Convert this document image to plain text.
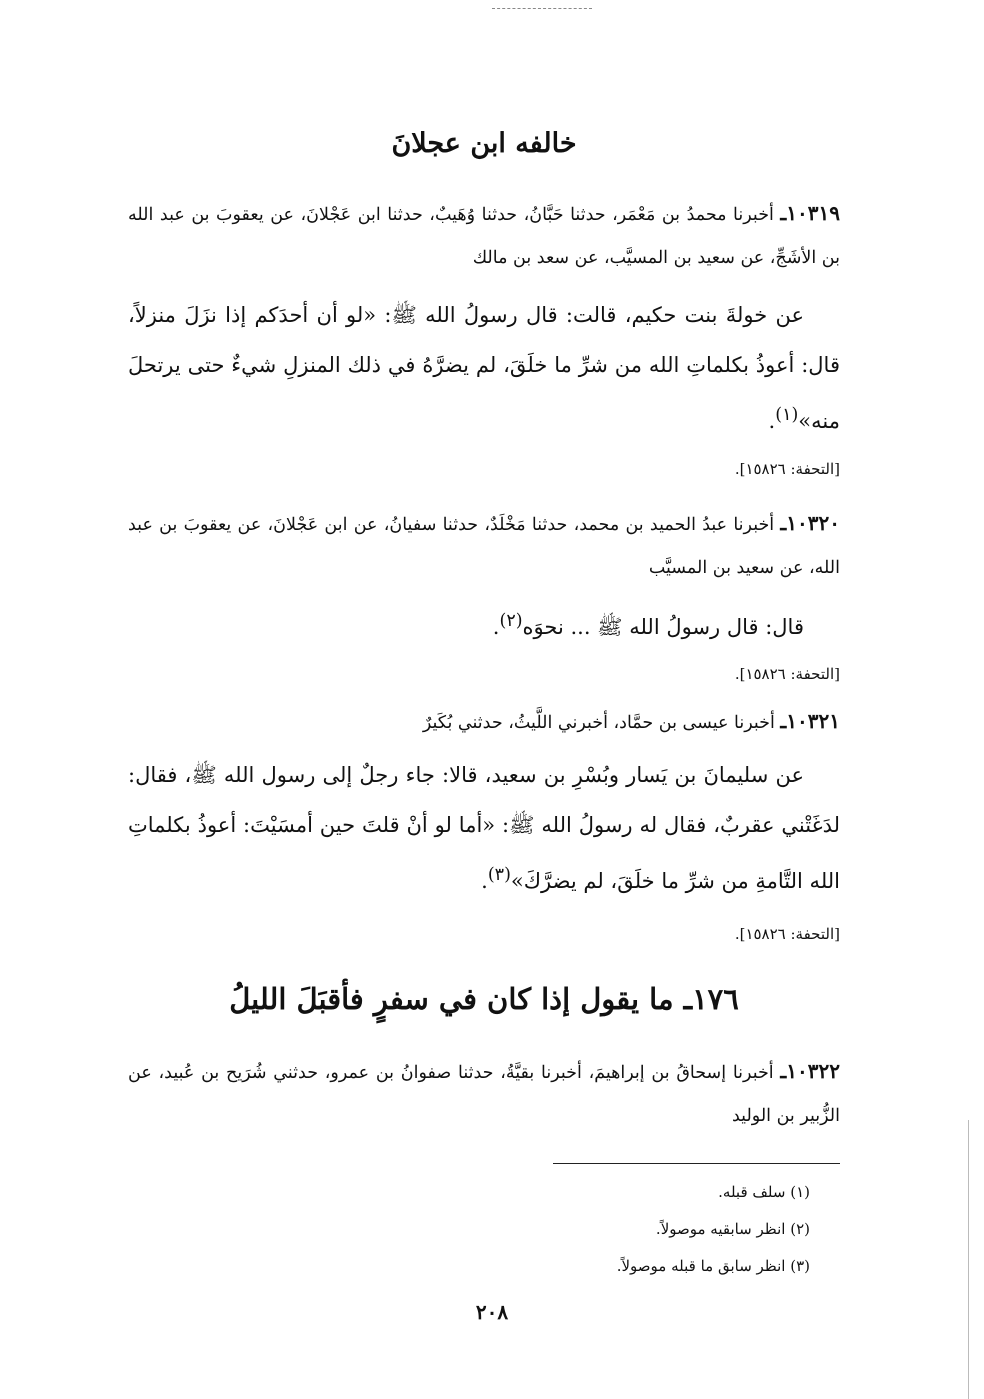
خالفه ابن عجلانَ
١٠٣١٩ـ أخبرنا محمدُ بن مَعْمَر، حدثنا حَبَّانُ، حدثنا وُهَيبٌ، حدثنا ابن عَجْلانَ، عن يعقوبَ بن عبد الله بن الأشَجِّ، عن سعيد بن المسيَّب، عن سعد بن مالك
عن خولةَ بنت حكيم، قالت: قال رسولُ الله ﷺ: «لو أن أحدَكم إذا نزَلَ منزلاً، قال: أعوذُ بكلماتِ الله من شرِّ ما خلَقَ، لم يضرَّهُ في ذلك المنزلِ شيءٌ حتى يرتحلَ منه»$^{(١)}$.
[التحفة: ١٥٨٢٦].
١٠٣٢٠ـ أخبرنا عبدُ الحميد بن محمد، حدثنا مَخْلَدٌ، حدثنا سفيانُ، عن ابن عَجْلانَ، عن يعقوبَ بن عبد الله، عن سعيد بن المسيَّب
قال: قال رسولُ الله ﷺ ... نحوَه$^{(٢)}$.
[التحفة: ١٥٨٢٦].
١٠٣٢١ـ أخبرنا عيسى بن حمَّاد، أخبرني اللَّيثُ، حدثني بُكَيرٌ
عن سليمانَ بن يَسار وبُسْرِ بن سعيد، قالا: جاء رجلٌ إلى رسول الله ﷺ، فقال: لدَغَتْني عقربٌ، فقال له رسولُ الله ﷺ: «أما لو أنْ قلتَ حين أمسَيْتَ: أعوذُ بكلماتِ الله التَّامةِ من شرِّ ما خلَقَ، لم يضرَّكَ»$^{(٣)}$.
[التحفة: ١٥٨٢٦].
١٧٦ـ ما يقول إذا كان في سفرٍ فأقبَلَ الليلُ
١٠٣٢٢ـ أخبرنا إسحاقُ بن إبراهيمَ، أخبرنا بقيَّةُ، حدثنا صفوانُ بن عمرو، حدثني شُرَيح بن عُبيد، عن الزُّبير بن الوليد
(١) سلف قبله.
(٢) انظر سابقيه موصولاً.
(٣) انظر سابق ما قبله موصولاً.
٢٠٨
